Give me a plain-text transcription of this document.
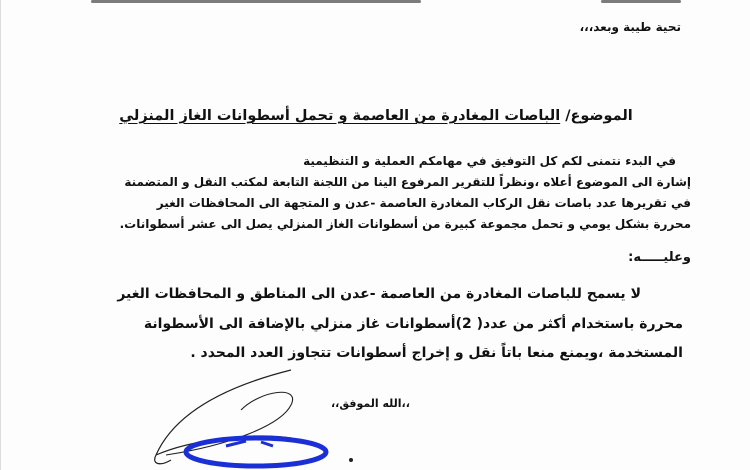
تحية طيبة وبعد،،،
الموضوع/ الباصات المغادرة من العاصمة و تحمل أسطوانات الغاز المنزلي
في البدء نتمنى لكم كل التوفيق في مهامكم العملية و التنظيمية
إشارة الى الموضوع أعلاه ،ونظراً للتقرير المرفوع الينا من اللجنة التابعة لمكتب النقل و المتضمنة
في تقريرها عدد باصات نقل الركاب المغادرة العاصمة -عدن و المتجهة الى المحافظات الغير
محررة بشكل يومي و تحمل مجموعة كبيرة من أسطوانات الغاز المنزلي يصل الى عشر أسطوانات.
وعليـــــه:
لا يسمح للباصات المغادرة من العاصمة -عدن الى المناطق و المحافظات الغير
محررة باستخدام أكثر من عدد( 2)أسطوانات غاز منزلي بالإضافة الى الأسطوانة
المستخدمة ،ويمنع منعا باتاً نقل و إخراج أسطوانات تتجاوز العدد المحدد .
،،الله الموفق،،
